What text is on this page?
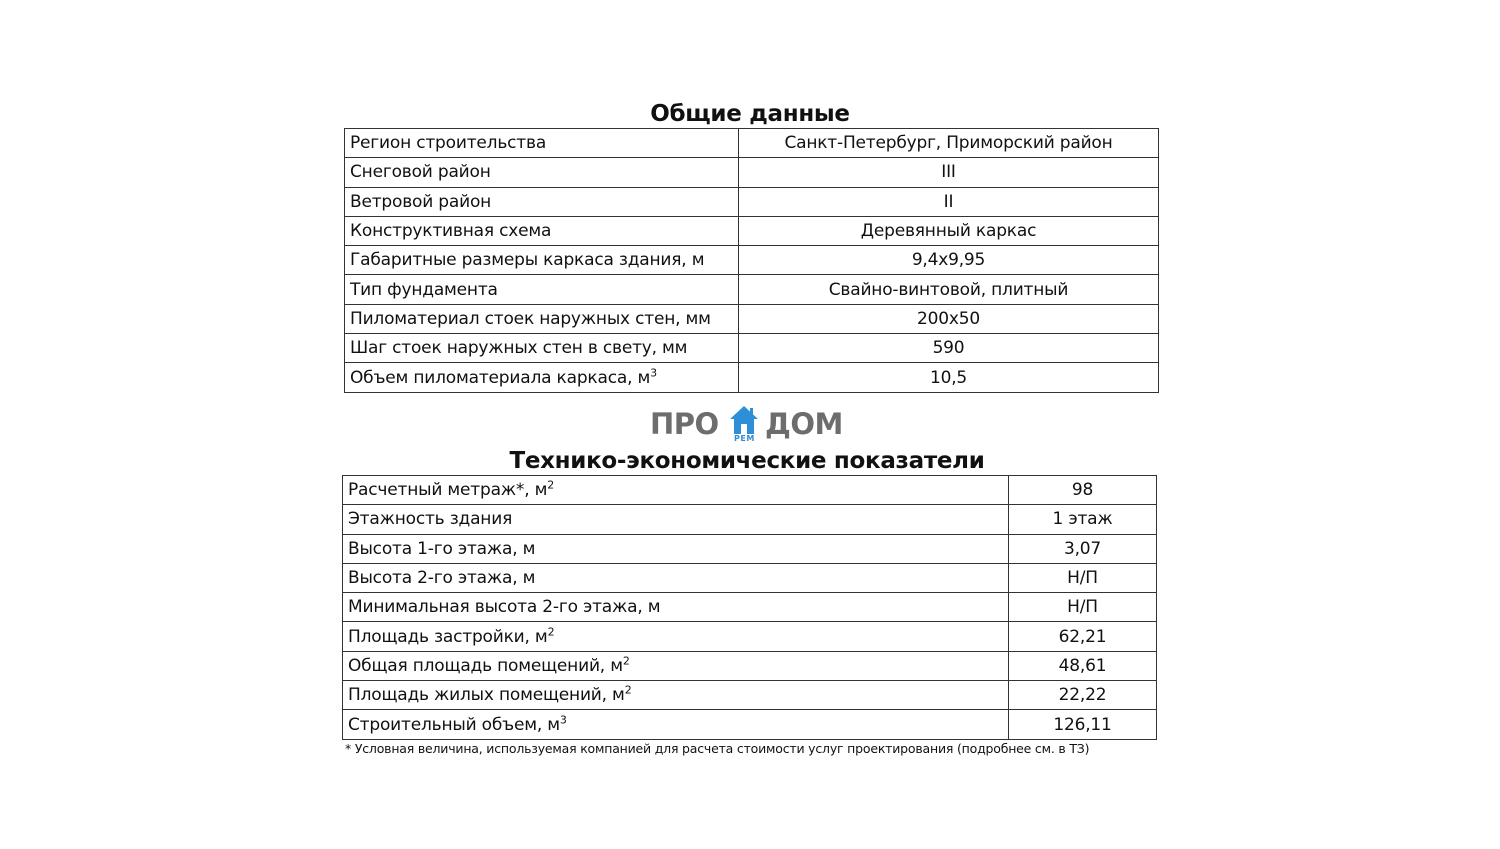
Общие данные
Регион строительства	Санкт-Петербург, Приморский район
Снеговой район	III
Ветровой район	II
Конструктивная схема	Деревянный каркас
Габаритные размеры каркаса здания, м	9,4х9,95
Тип фундамента	Свайно-винтовой, плитный
Пиломатериал стоек наружных стен, мм	200х50
Шаг стоек наружных стен в свету, мм	590
Объем пиломатериала каркаса, $м^3$	10,5
ПРО РЕМ ДОМ
Технико-экономические показатели
Расчетный метраж*, $м^2$	98
Этажность здания	1 этаж
Высота 1-го этажа, м	3,07
Высота 2-го этажа, м	Н/П
Минимальная высота 2-го этажа, м	Н/П
Площадь застройки, $м^2$	62,21
Общая площадь помещений, $м^2$	48,61
Площадь жилых помещений, $м^2$	22,22
Строительный объем, $м^3$	126,11
* Условная величина, используемая компанией для расчета стоимости услуг проектирования (подробнее см. в ТЗ)
